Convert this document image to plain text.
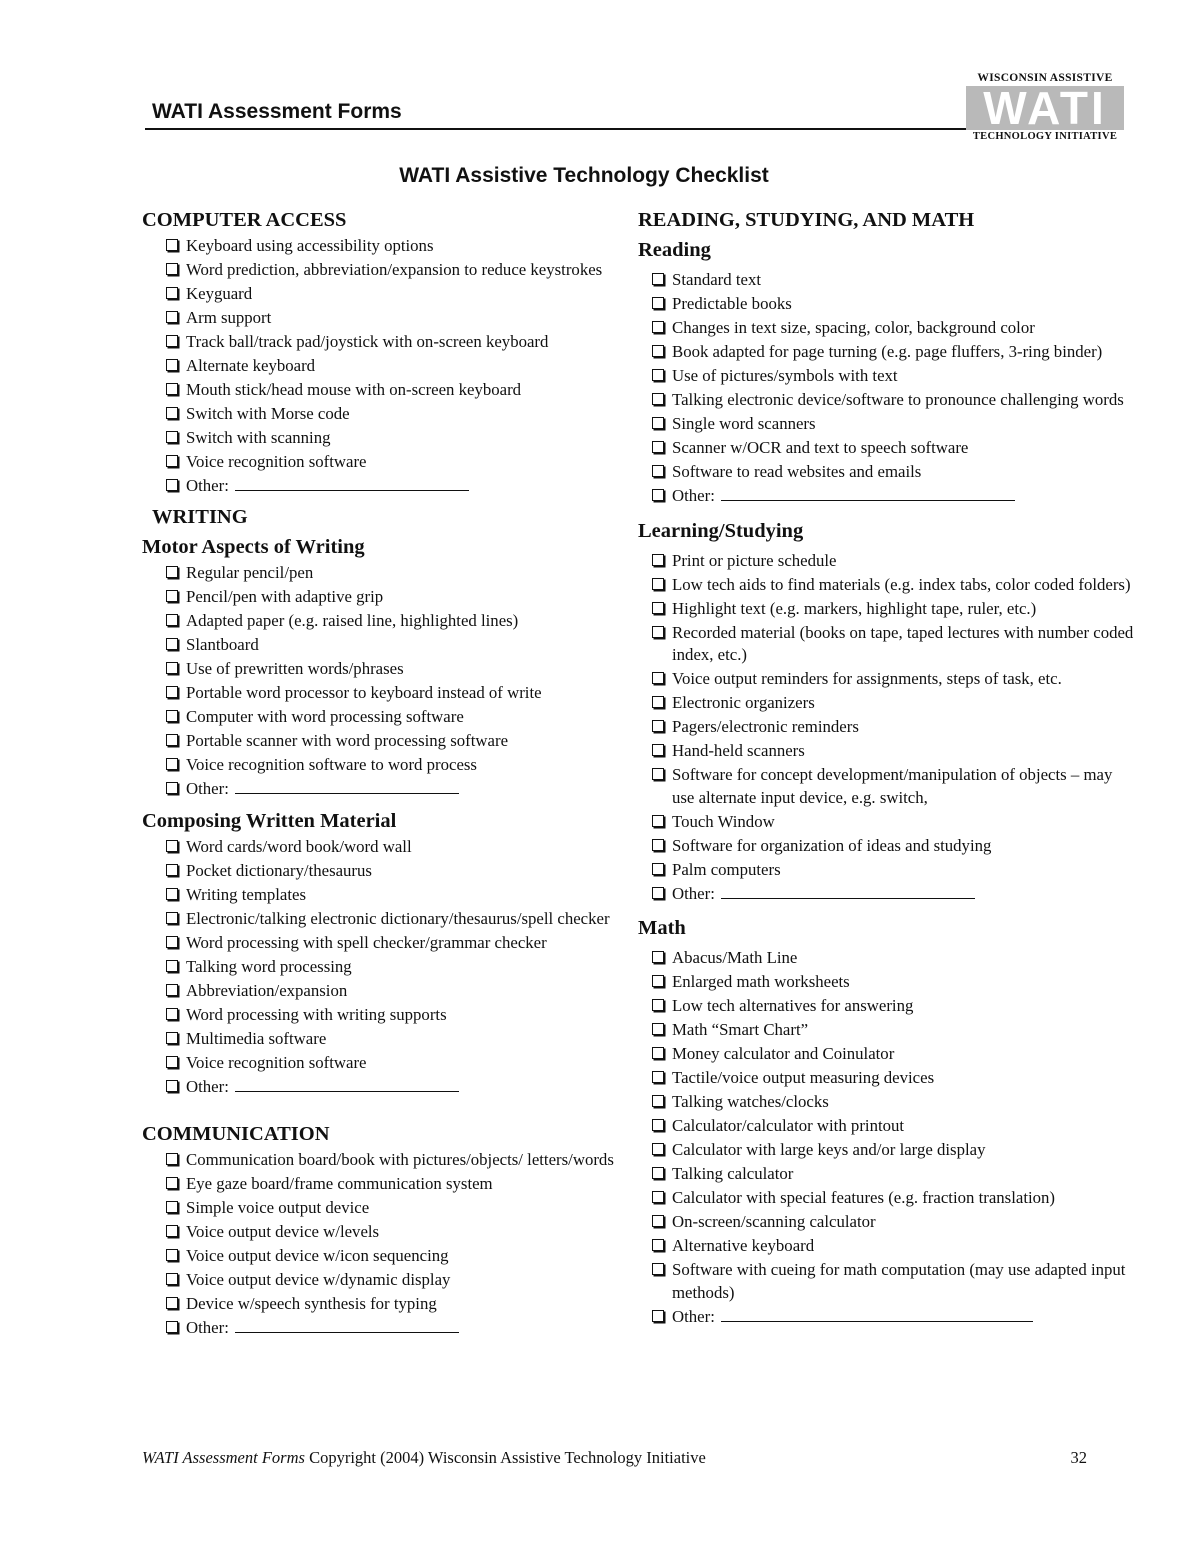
WATI Assessment Forms
WISCONSIN ASSISTIVE
WATI
TECHNOLOGY INITIATIVE
WATI Assistive Technology Checklist
COMPUTER ACCESS
Keyboard using accessibility options
Word prediction, abbreviation/expansion to reduce keystrokes
Keyguard
Arm support
Track ball/track pad/joystick with on-screen keyboard
Alternate keyboard
Mouth stick/head mouse with on-screen keyboard
Switch with Morse code
Switch with scanning
Voice recognition software
Other:
WRITING
Motor Aspects of Writing
Regular pencil/pen
Pencil/pen with adaptive grip
Adapted paper (e.g. raised line, highlighted lines)
Slantboard
Use of prewritten words/phrases
Portable word processor to keyboard instead of write
Computer with word processing software
Portable scanner with word processing software
Voice recognition software to word process
Other:
Composing Written Material
Word cards/word book/word wall
Pocket dictionary/thesaurus
Writing templates
Electronic/talking electronic dictionary/thesaurus/spell checker
Word processing with spell checker/grammar checker
Talking word processing
Abbreviation/expansion
Word processing with writing supports
Multimedia software
Voice recognition software
Other:
COMMUNICATION
Communication board/book with pictures/objects/ letters/words
Eye gaze board/frame communication system
Simple voice output device
Voice output device w/levels
Voice output device w/icon sequencing
Voice output device w/dynamic display
Device w/speech synthesis for typing
Other:
READING, STUDYING, AND MATH
Reading
Standard text
Predictable books
Changes in text size, spacing, color, background color
Book adapted for page turning (e.g. page fluffers, 3-ring binder)
Use of pictures/symbols with text
Talking electronic device/software to pronounce challenging words
Single word scanners
Scanner w/OCR and text to speech software
Software to read websites and emails
Other:
Learning/Studying
Print or picture schedule
Low tech aids to find materials (e.g. index tabs, color coded folders)
Highlight text (e.g. markers, highlight tape, ruler, etc.)
Recorded material (books on tape, taped lectures with number coded index, etc.)
Voice output reminders for assignments, steps of task, etc.
Electronic organizers
Pagers/electronic reminders
Hand-held scanners
Software for concept development/manipulation of objects – may use alternate input device, e.g. switch,
Touch Window
Software for organization of ideas and studying
Palm computers
Other:
Math
Abacus/Math Line
Enlarged math worksheets
Low tech alternatives for answering
Math “Smart Chart”
Money calculator and Coinulator
Tactile/voice output measuring devices
Talking watches/clocks
Calculator/calculator with printout
Calculator with large keys and/or large display
Talking calculator
Calculator with special features (e.g. fraction translation)
On-screen/scanning calculator
Alternative keyboard
Software with cueing for math computation (may use adapted input methods)
Other:
WATI Assessment Forms Copyright (2004) Wisconsin Assistive Technology Initiative	32
